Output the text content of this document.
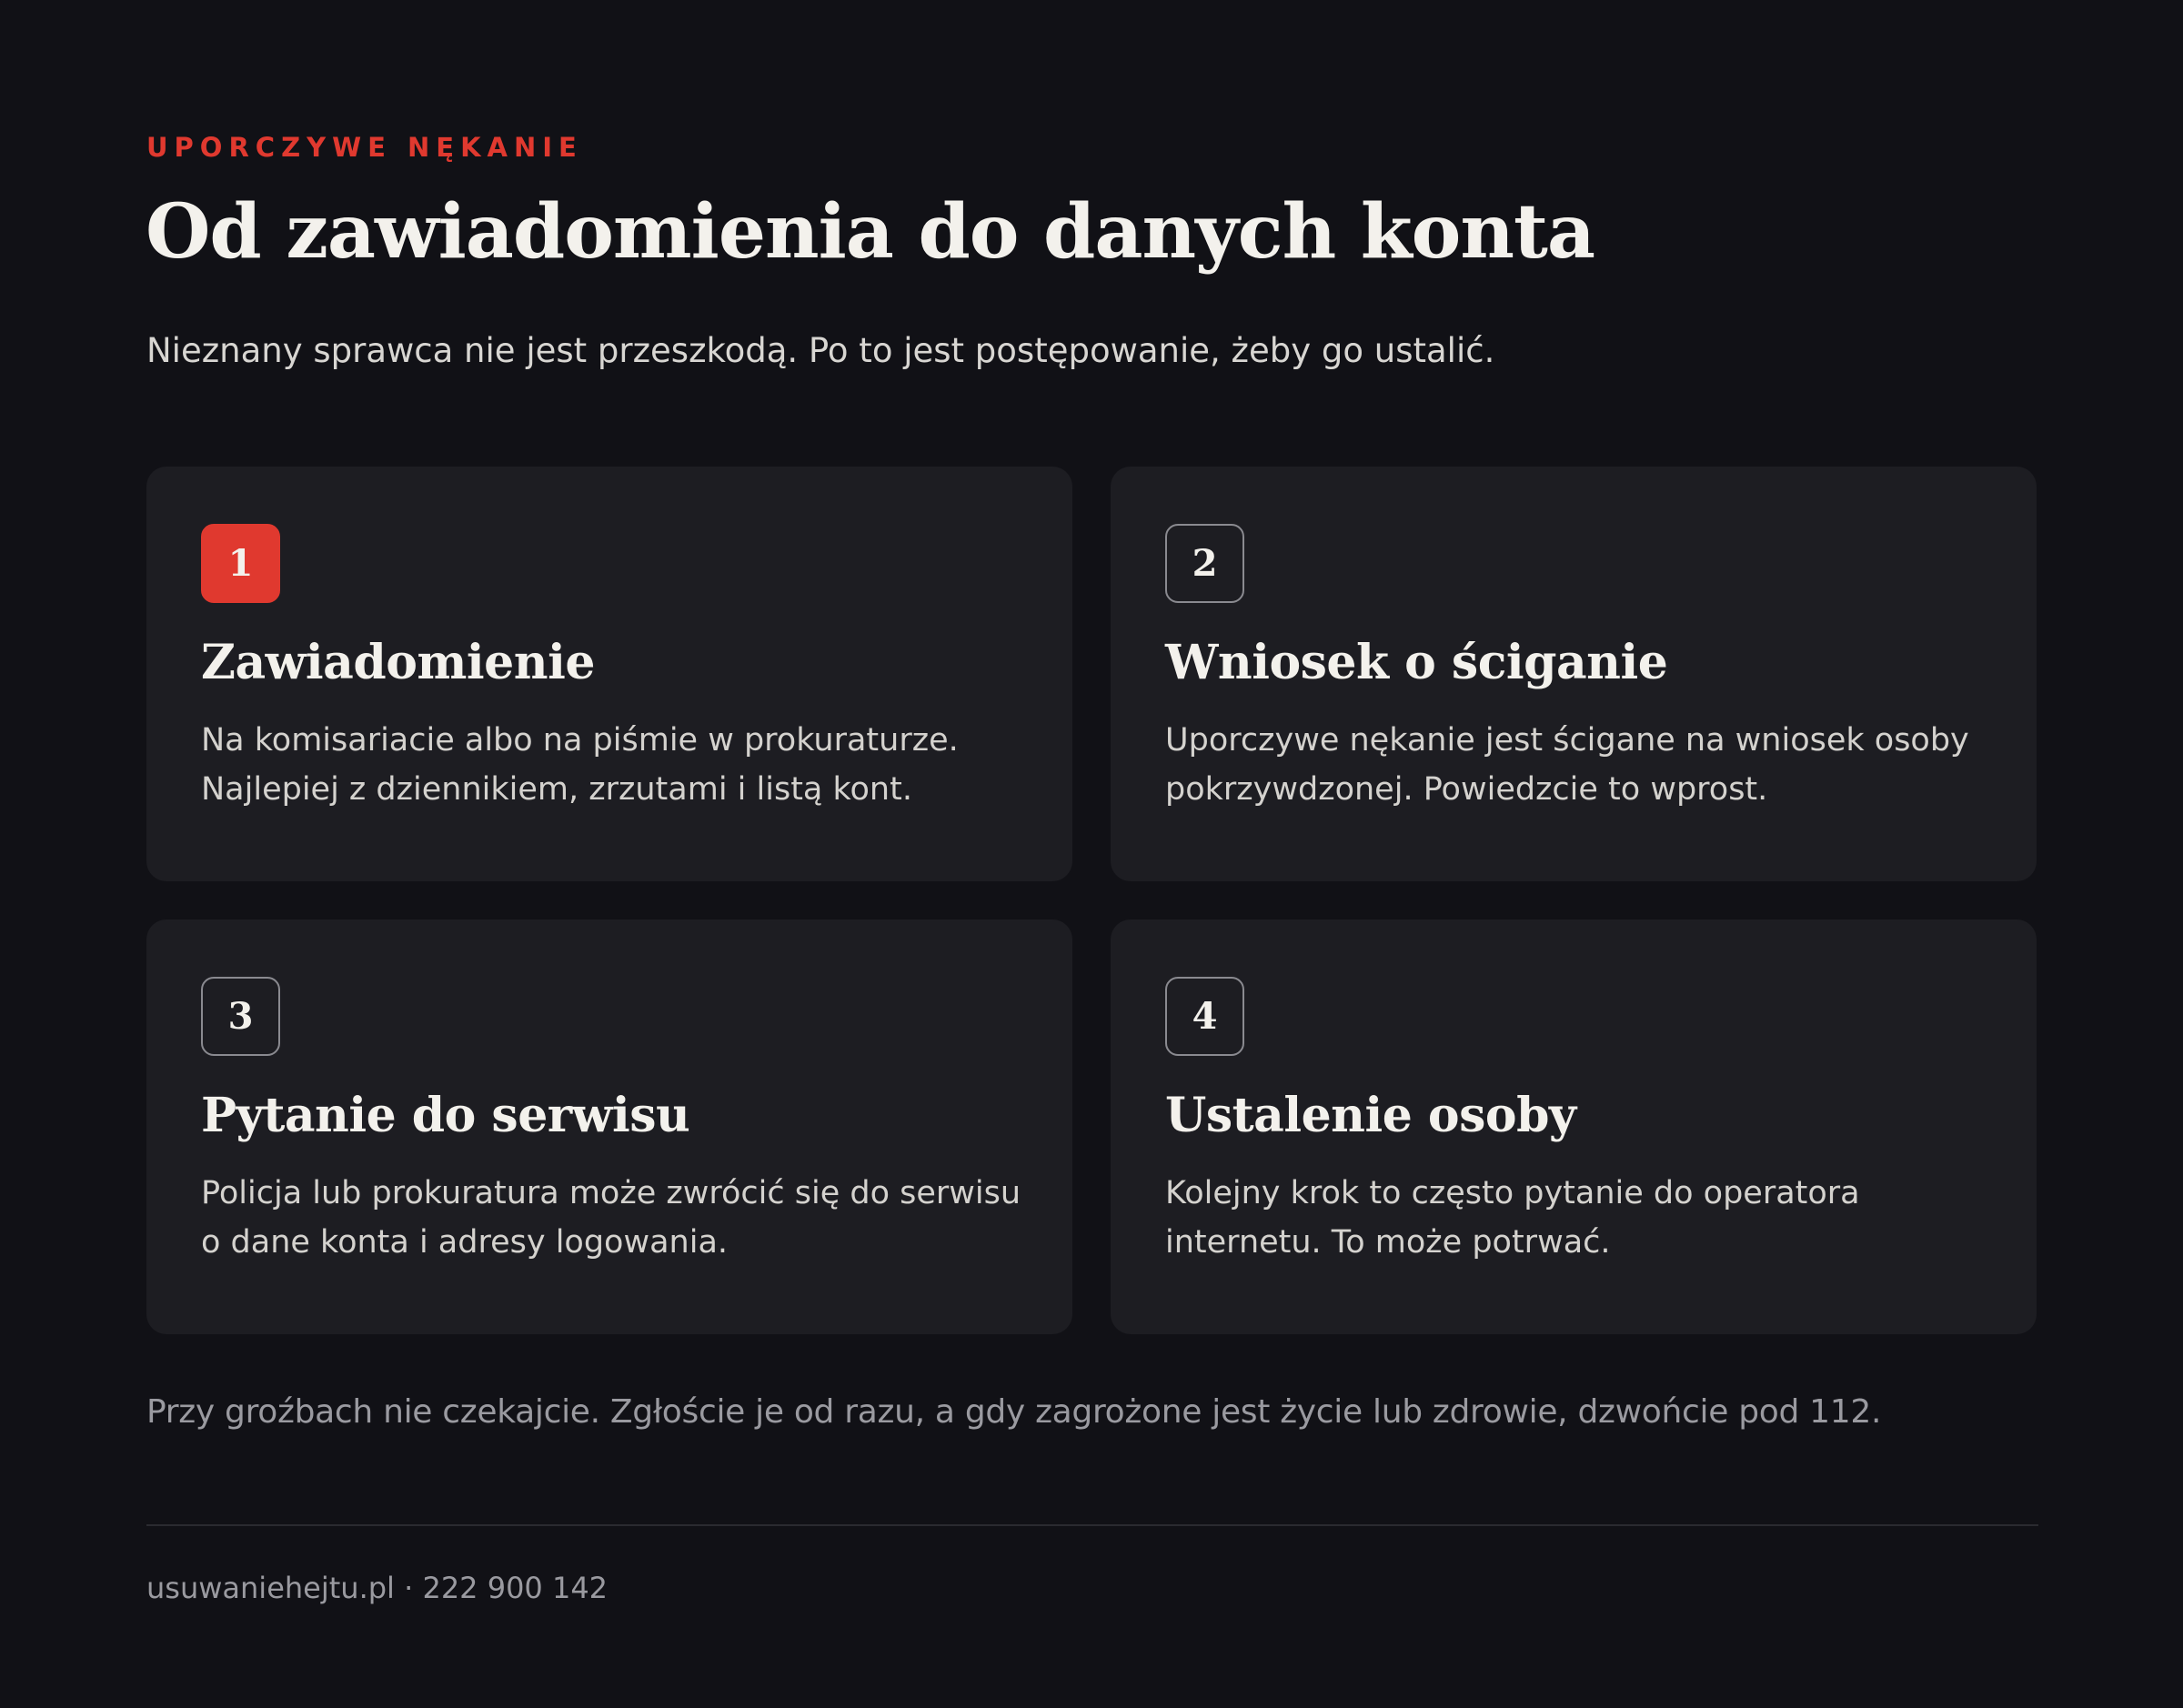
UPORCZYWE NĘKANIE
Od zawiadomienia do danych konta
Nieznany sprawca nie jest przeszkodą. Po to jest postępowanie, żeby go ustalić.
1
Zawiadomienie
Na komisariacie albo na piśmie w prokuraturze. Najlepiej z dziennikiem, zrzutami i listą kont.
2
Wniosek o ściganie
Uporczywe nękanie jest ścigane na wniosek osoby pokrzywdzonej. Powiedzcie to wprost.
3
Pytanie do serwisu
Policja lub prokuratura może zwrócić się do serwisu o dane konta i adresy logowania.
4
Ustalenie osoby
Kolejny krok to często pytanie do operatora internetu. To może potrwać.
Przy groźbach nie czekajcie. Zgłoście je od razu, a gdy zagrożone jest życie lub zdrowie, dzwońcie pod 112.
usuwaniehejtu.pl · 222 900 142
